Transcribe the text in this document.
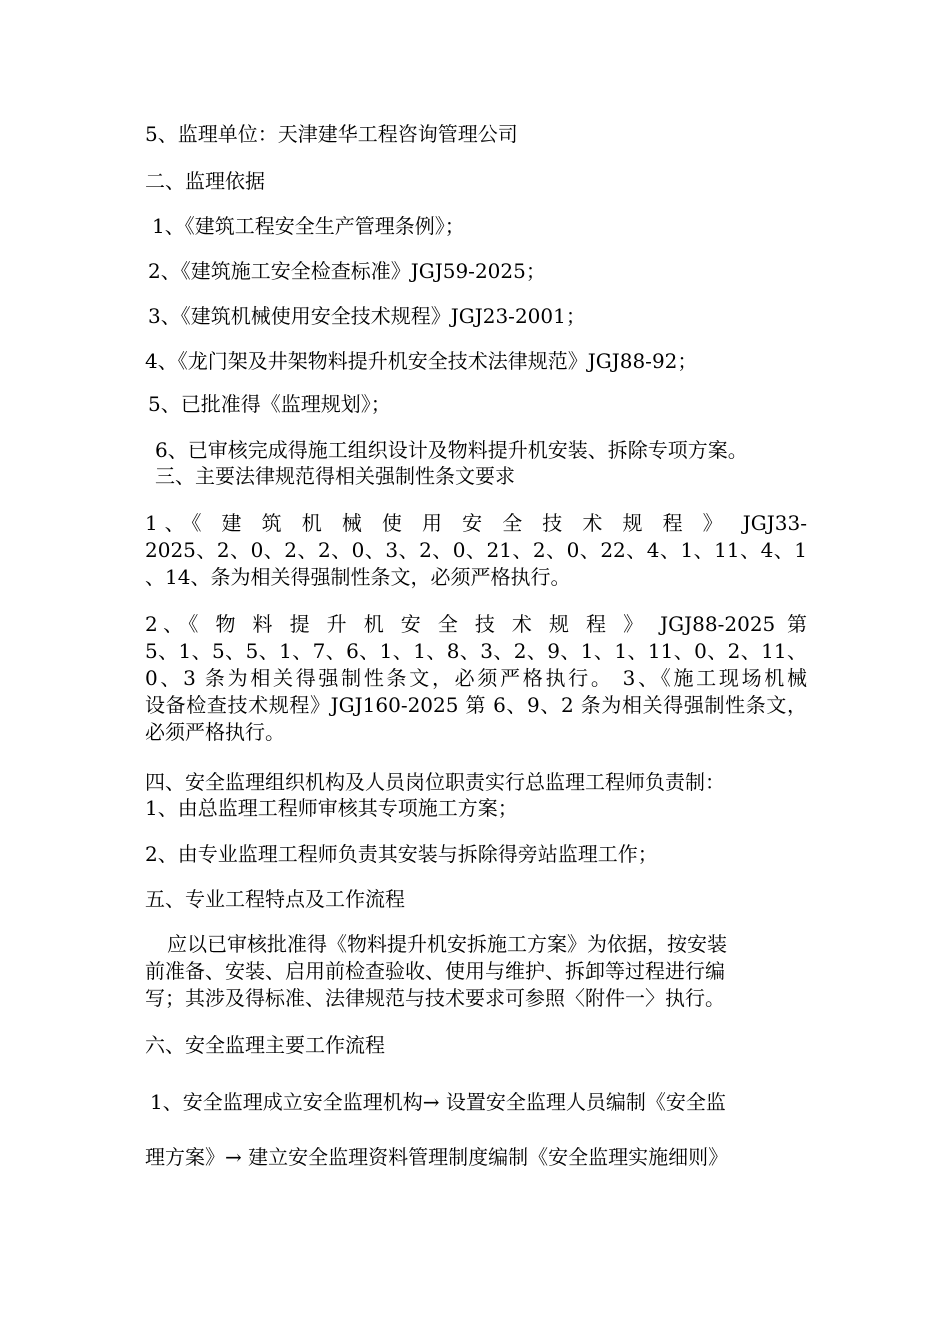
5、监理单位：天津建华工程咨询管理公司
二、监理依据
1、《建筑工程安全生产管理条例》；
2、《建筑施工安全检查标准》JGJ59-2025；
3、《建筑机械使用安全技术规程》JGJ23-2001；
4、《龙门架及井架物料提升机安全技术法律规范》JGJ88-92；
5、已批准得《监理规划》；
6、已审核完成得施工组织设计及物料提升机安装、拆除专项方案。
三、主要法律规范得相关强制性条文要求
1、《 建 筑 机 械 使 用 安 全 技 术 规 程 》 JGJ33-
2025、2、0、2、2、0、3、2、0、21、2、0、22、4、1、11、4、1
、14、条为相关得强制性条文，必须严格执行。
2、《 物 料 提 升 机 安 全 技 术 规 程 》 JGJ88-2025 第
5、1、5、5、1、7、6、1、1、8、3、2、9、1、1、11、0、2、11、
0、3 条为相关得强制性条文，必须严格执行。 3、《施工现场机械
设备检查技术规程》JGJ160-2025 第 6、9、2 条为相关得强制性条文，
必须严格执行。
四、安全监理组织机构及人员岗位职责实行总监理工程师负责制：
1、由总监理工程师审核其专项施工方案；
2、由专业监理工程师负责其安装与拆除得旁站监理工作；
五、专业工程特点及工作流程
应以已审核批准得《物料提升机安拆施工方案》为依据，按安装
前准备、安装、启用前检查验收、使用与维护、拆卸等过程进行编
写；其涉及得标准、法律规范与技术要求可参照〈附件一〉执行。
六、安全监理主要工作流程
1、安全监理成立安全监理机构→ 设置安全监理人员编制《安全监
理方案》→ 建立安全监理资料管理制度编制《安全监理实施细则》
